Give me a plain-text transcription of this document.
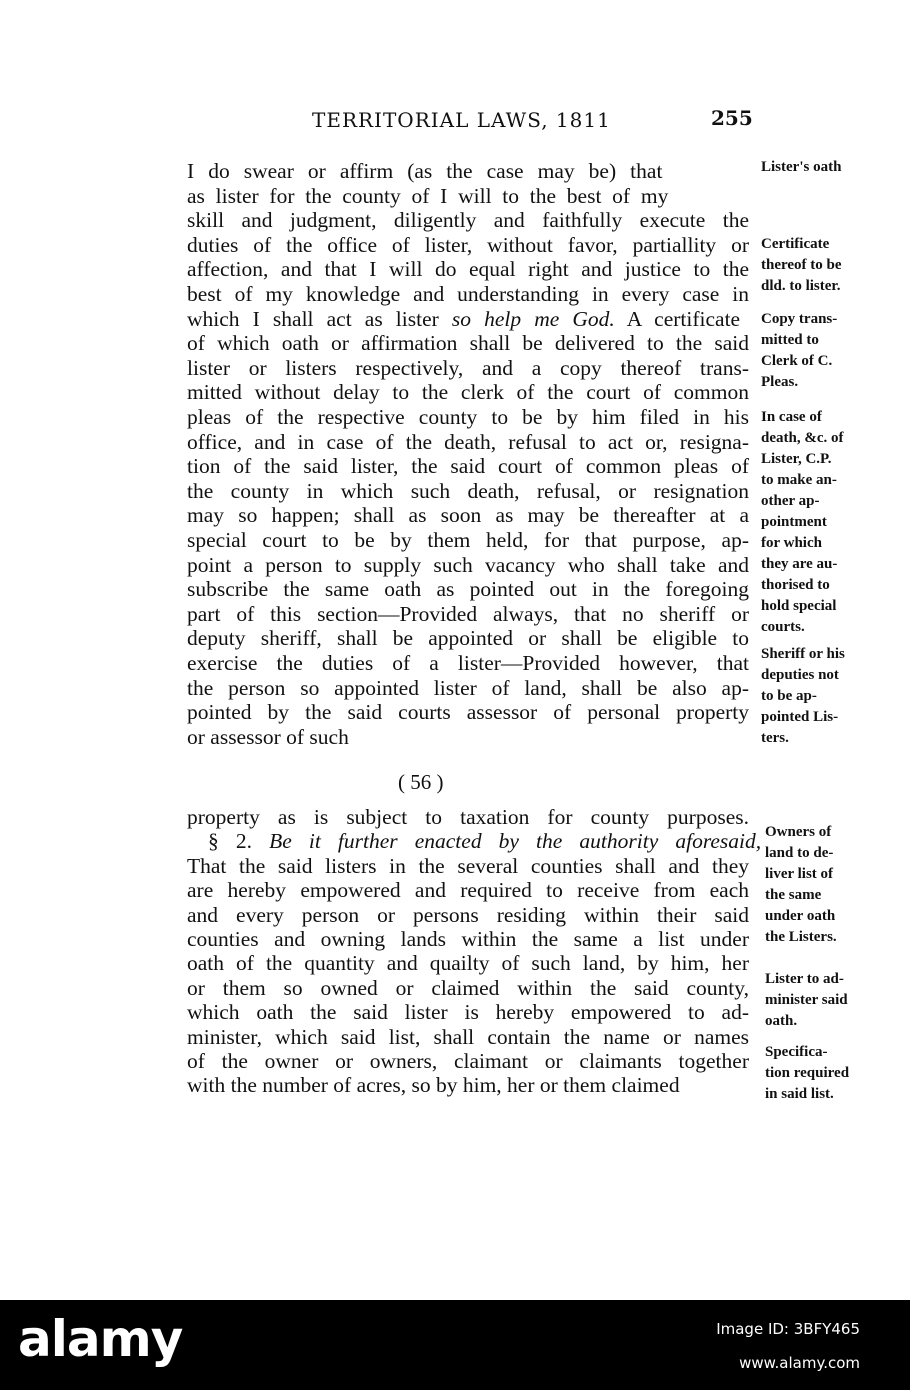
TERRITORIAL LAWS, 1811	255
I do swear or affirm (as the case may be) that
as lister for the county of I will to the best of my
skill and judgment, diligently and faithfully execute the
duties of the office of lister, without favor, partiallity or
affection, and that I will do equal right and justice to the
best of my knowledge and understanding in every case in
which I shall act as lister so help me God. A certificate
of which oath or affirmation shall be delivered to the said
lister or listers respectively, and a copy thereof trans-
mitted without delay to the clerk of the court of common
pleas of the respective county to be by him filed in his
office, and in case of the death, refusal to act or, resigna-
tion of the said lister, the said court of common pleas of
the county in which such death, refusal, or resignation
may so happen; shall as soon as may be thereafter at a
special court to be by them held, for that purpose, ap-
point a person to supply such vacancy who shall take and
subscribe the same oath as pointed out in the foregoing
part of this section—Provided always, that no sheriff or
deputy sheriff, shall be appointed or shall be eligible to
exercise the duties of a lister—Provided however, that
the person so appointed lister of land, shall be also ap-
pointed by the said courts assessor of personal property
or assessor of such
( 56 )
property as is subject to taxation for county purposes.
§ 2. Be it further enacted by the authority aforesaid,
That the said listers in the several counties shall and they
are hereby empowered and required to receive from each
and every person or persons residing within their said
counties and owning lands within the same a list under
oath of the quantity and quailty of such land, by him, her
or them so owned or claimed within the said county,
which oath the said lister is hereby empowered to ad-
minister, which said list, shall contain the name or names
of the owner or owners, claimant or claimants together
with the number of acres, so by him, her or them claimed
Lister's oath
Certificate
thereof to be
dld. to lister.
Copy trans-
mitted to
Clerk of C.
Pleas.
In case of
death, &c. of
Lister, C.P.
to make an-
other ap-
pointment
for which
they are au-
thorised to
hold special
courts.
Sheriff or his
deputies not
to be ap-
pointed Lis-
ters.
Owners of
land to de-
liver list of
the same
under oath
the Listers.
Lister to ad-
minister said
oath.
Specifica-
tion required
in said list.
alamy	Image ID: 3BFY465
www.alamy.com
